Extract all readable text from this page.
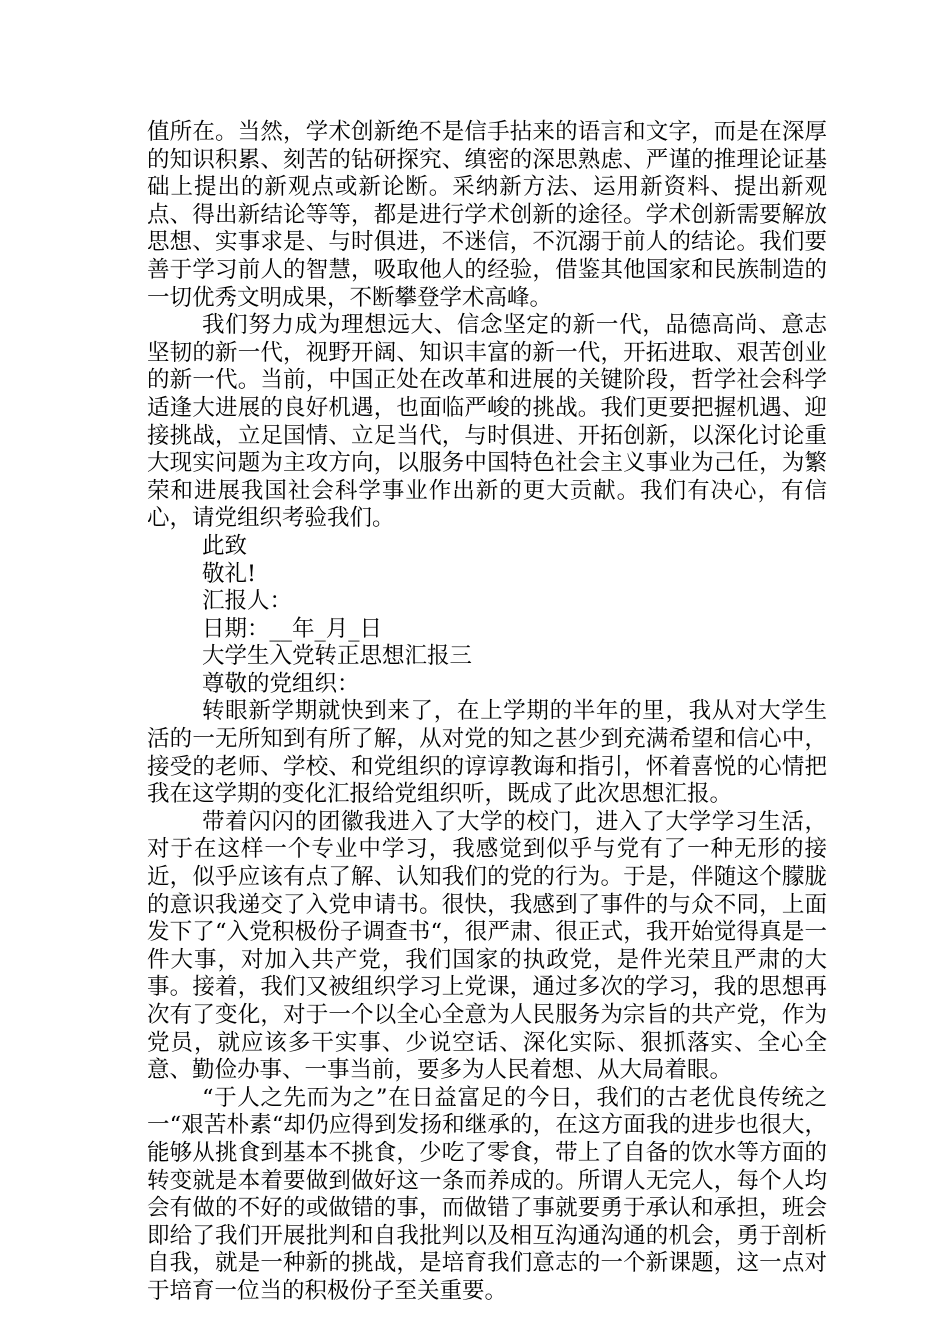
值所在。当然，学术创新绝不是信手拈来的语言和文字，而是在深厚的知识积累、刻苦的钻研探究、缜密的深思熟虑、严谨的推理论证基础上提出的新观点或新论断。采纳新方法、运用新资料、提出新观点、得出新结论等等，都是进行学术创新的途径。学术创新需要解放思想、实事求是、与时俱进，不迷信，不沉溺于前人的结论。我们要善于学习前人的智慧，吸取他人的经验，借鉴其他国家和民族制造的一切优秀文明成果，不断攀登学术高峰。

我们努力成为理想远大、信念坚定的新一代，品德高尚、意志坚韧的新一代，视野开阔、知识丰富的新一代，开拓进取、艰苦创业的新一代。当前，中国正处在改革和进展的关键阶段，哲学社会科学适逢大进展的良好机遇，也面临严峻的挑战。我们更要把握机遇、迎接挑战，立足国情、立足当代，与时俱进、开拓创新，以深化讨论重大现实问题为主攻方向，以服务中国特色社会主义事业为己任，为繁荣和进展我国社会科学事业作出新的更大贡献。我们有决心，有信心，请党组织考验我们。

此致

敬礼!

汇报人：

日期：__年_月_日

大学生入党转正思想汇报三

尊敬的党组织：

转眼新学期就快到来了，在上学期的半年的里，我从对大学生活的一无所知到有所了解，从对党的知之甚少到充满希望和信心中，接受的老师、学校、和党组织的谆谆教诲和指引，怀着喜悦的心情把我在这学期的变化汇报给党组织听，既成了此次思想汇报。

带着闪闪的团徽我进入了大学的校门，进入了大学学习生活，对于在这样一个专业中学习，我感觉到似乎与党有了一种无形的接近，似乎应该有点了解、认知我们的党的行为。于是，伴随这个朦胧的意识我递交了入党申请书。很快，我感到了事件的与众不同，上面发下了“入党积极份子调查书“，很严肃、很正式，我开始觉得真是一件大事，对加入共产党，我们国家的执政党，是件光荣且严肃的大事。接着，我们又被组织学习上党课，通过多次的学习，我的思想再次有了变化，对于一个以全心全意为人民服务为宗旨的共产党，作为党员，就应该多干实事、少说空话、深化实际、狠抓落实、全心全意、勤俭办事、一事当前，要多为人民着想、从大局着眼。

“于人之先而为之”在日益富足的今日，我们的古老优良传统之一“艰苦朴素“却仍应得到发扬和继承的，在这方面我的进步也很大，能够从挑食到基本不挑食，少吃了零食，带上了自备的饮水等方面的转变就是本着要做到做好这一条而养成的。所谓人无完人，每个人均会有做的不好的或做错的事，而做错了事就要勇于承认和承担，班会即给了我们开展批判和自我批判以及相互沟通沟通的机会，勇于剖析自我，就是一种新的挑战，是培育我们意志的一个新课题，这一点对于培育一位当的积极份子至关重要。
